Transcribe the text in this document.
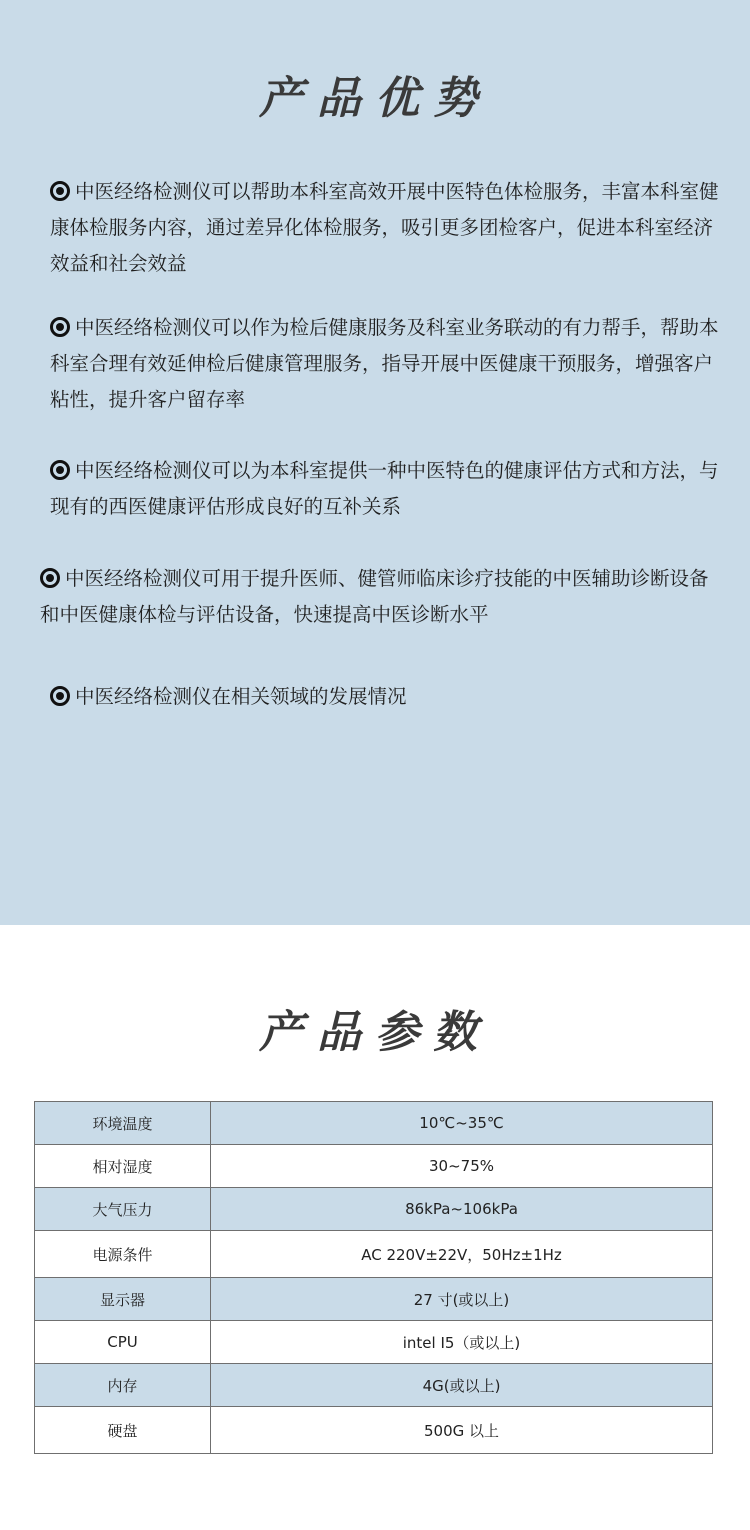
产品优势
中医经络检测仪可以帮助本科室高效开展中医特色体检服务，丰富本科室健康体检服务内容，通过差异化体检服务，吸引更多团检客户，促进本科室经济效益和社会效益
中医经络检测仪可以作为检后健康服务及科室业务联动的有力帮手，帮助本科室合理有效延伸检后健康管理服务，指导开展中医健康干预服务，增强客户粘性，提升客户留存率
中医经络检测仪可以为本科室提供一种中医特色的健康评估方式和方法，与现有的西医健康评估形成良好的互补关系
中医经络检测仪可用于提升医师、健管师临床诊疗技能的中医辅助诊断设备和中医健康体检与评估设备，快速提高中医诊断水平
中医经络检测仪在相关领域的发展情况
产品参数
环境温度	10℃~35℃
相对湿度	30~75%
大气压力	86kPa~106kPa
电源条件	AC 220V±22V，50Hz±1Hz
显示器	27 寸(或以上)
CPU	intel I5（或以上)
内存	4G(或以上)
硬盘	500G 以上
